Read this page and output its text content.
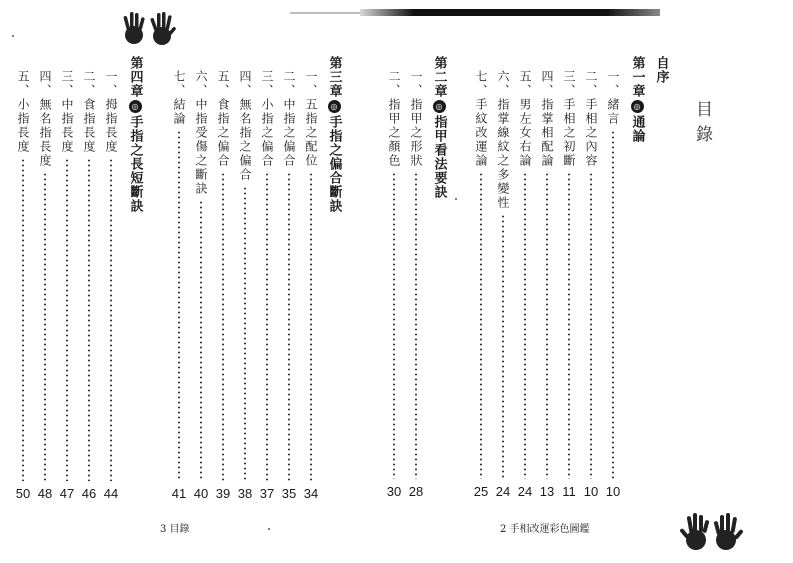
目錄
自序
第一章
◎
通論
一、緒言
10
二、手相之內容
10
三、手相之初斷
11
四、指掌相配論
13
五、男左女右論
24
六、指掌線紋之多變性
24
七、手紋改運論
25
第二章
◎
指甲看法要訣
一、指甲之形狀
28
二、指甲之顏色
30
第三章
◎
手指之偏合斷訣
一、五指之配位
34
二、中指之偏合
35
三、小指之偏合
37
四、無名指之偏合
38
五、食指之偏合
39
六、中指受傷之斷訣
40
七、結論
41
第四章
◎
手指之長短斷訣
一、拇指長度
44
二、食指長度
46
三、中指長度
47
四、無名指長度
48
五、小指長度
50
3 目錄	2 手相改運彩色圖鑑
